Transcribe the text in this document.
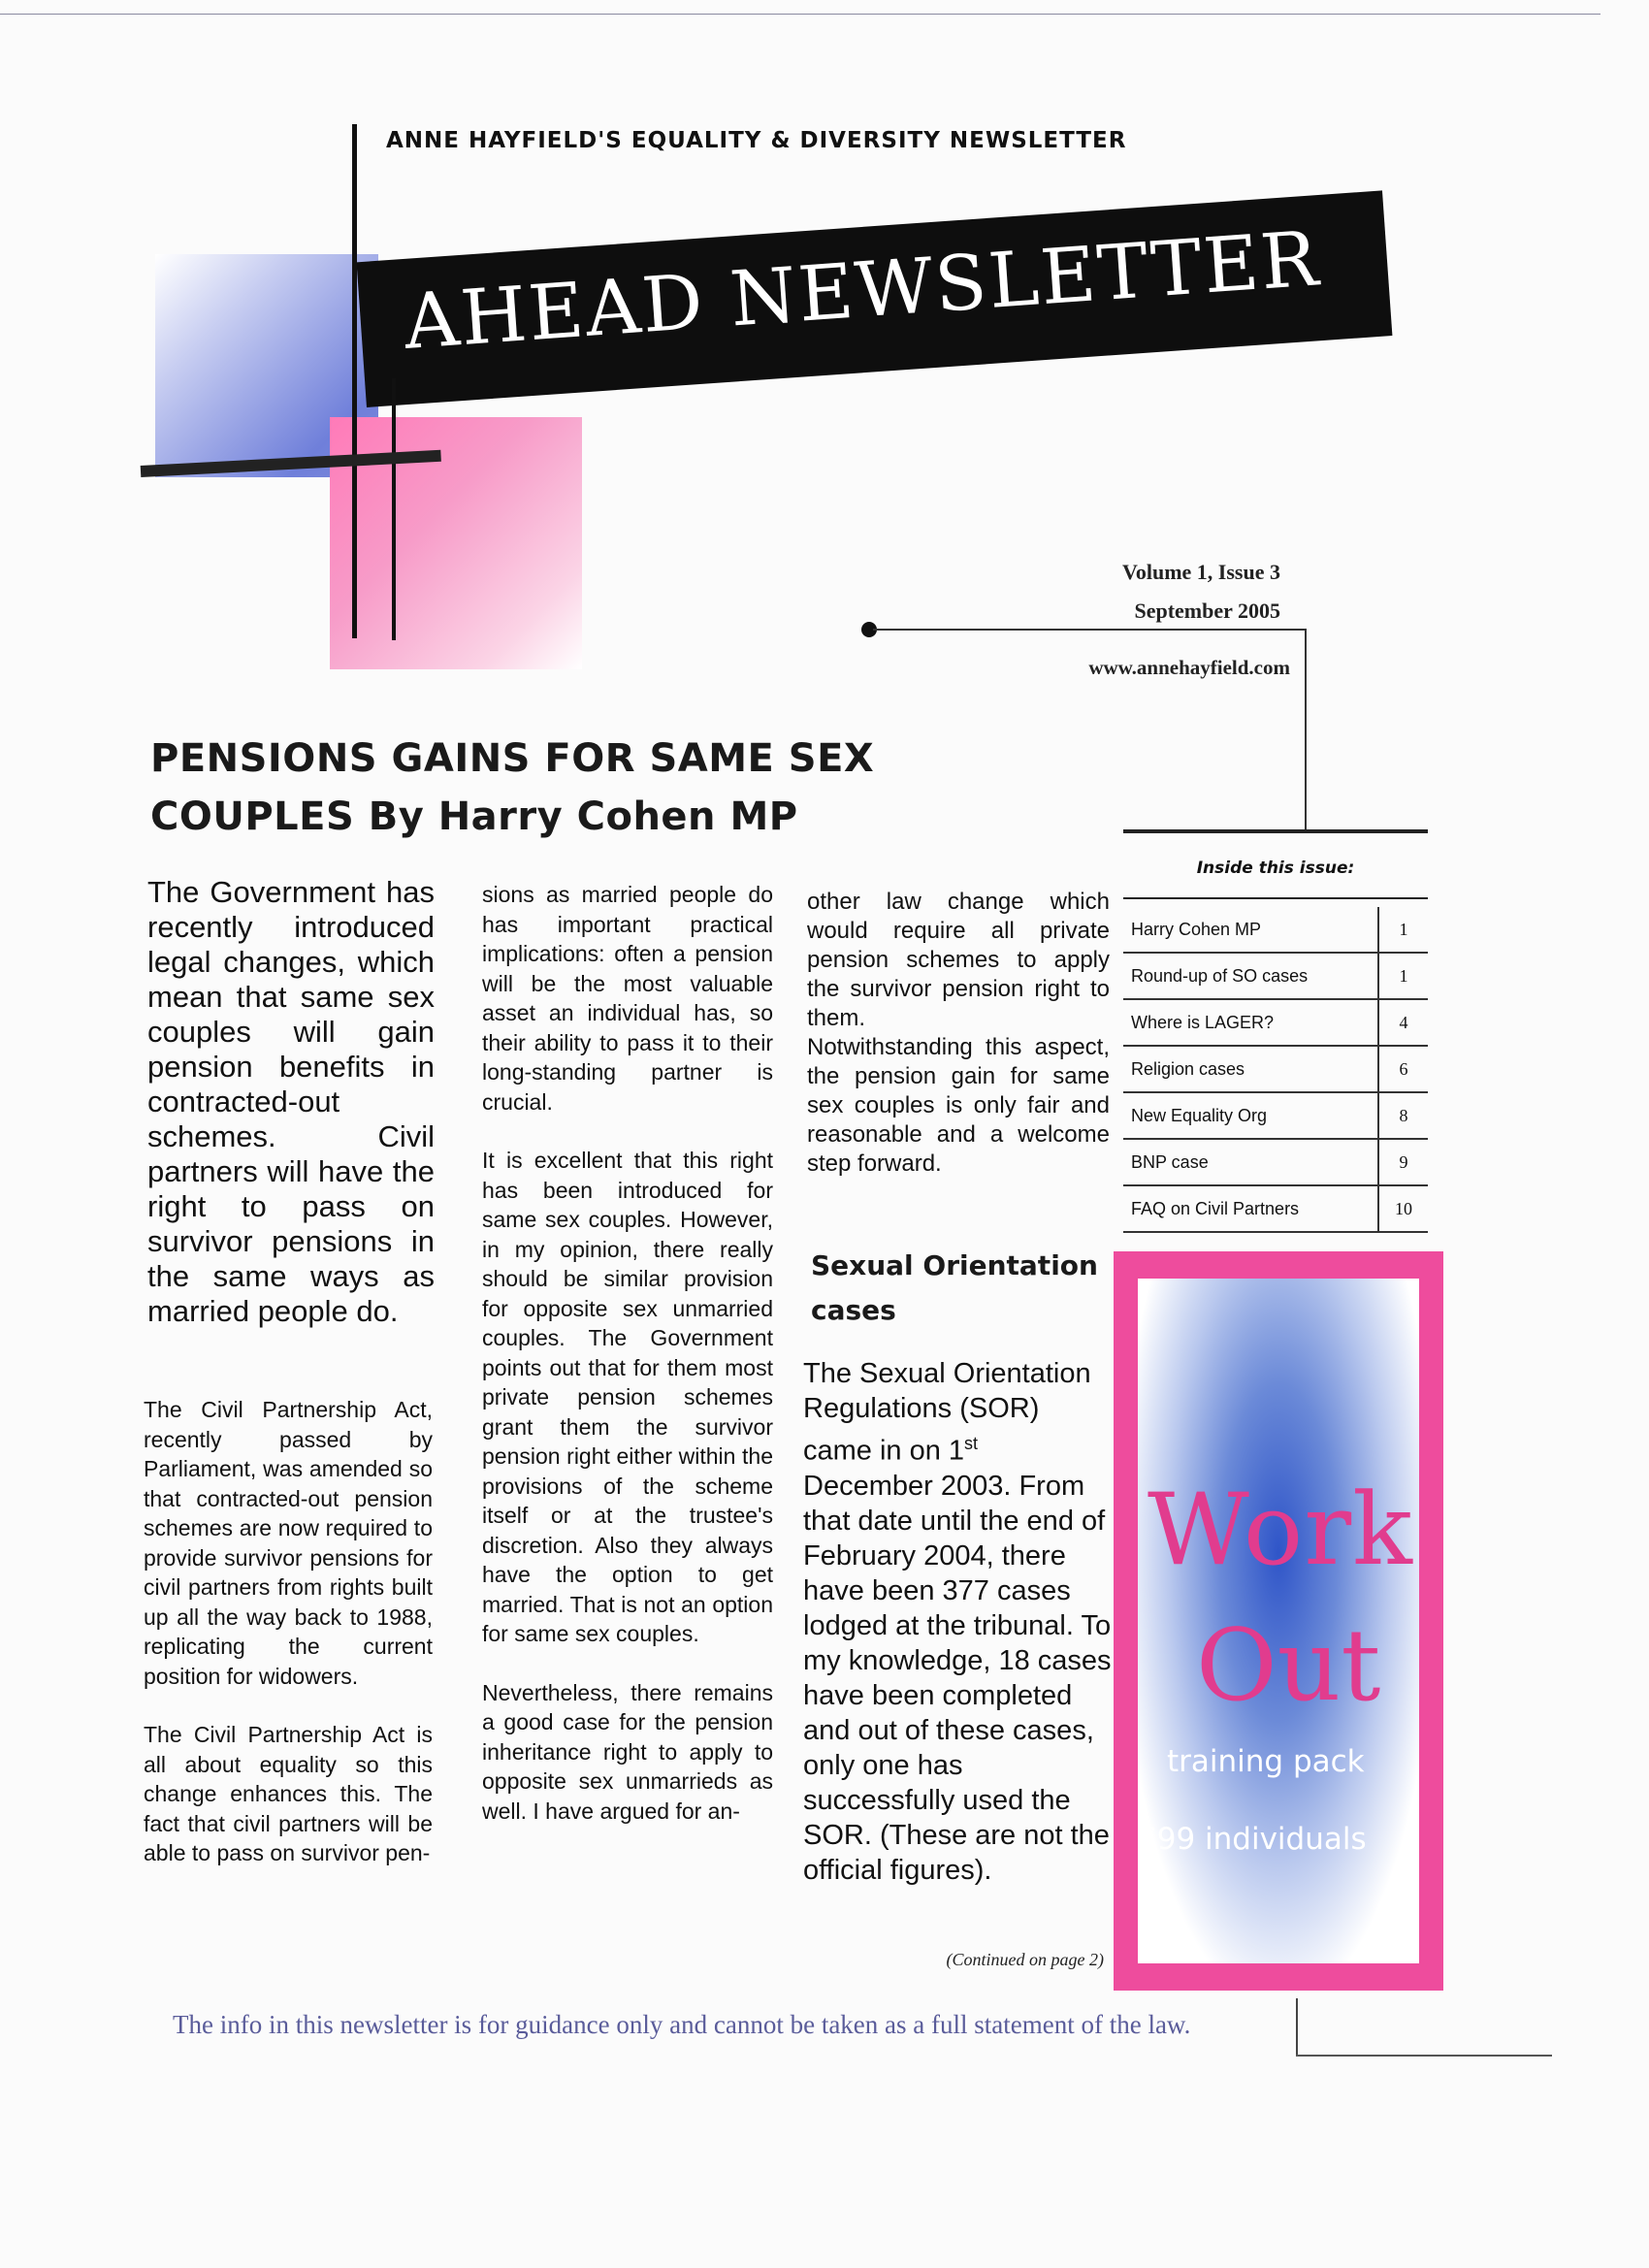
AHEAD NEWSLETTER
ANNE HAYFIELD'S EQUALITY & DIVERSITY NEWSLETTER
Volume 1, Issue 3
September 2005
www.annehayfield.com
PENSIONS GAINS FOR SAME SEX
COUPLES By Harry Cohen MP

The Government has recently introduced legal changes, which mean that same sex couples will gain pension benefits in contracted-out schemes. Civil partners will have the right to pass on survivor pensions in the same ways as married people do.

The Civil Partnership Act, recently passed by Parliament, was amended so that contracted-out pension schemes are now required to provide survivor pensions for civil partners from rights built up all the way back to 1988, replicating the current position for widowers.

The Civil Partnership Act is all about equality so this change enhances this. The fact that civil partners will be able to pass on survivor pen-

sions as married people do has important practical implications: often a pension will be the most valuable asset an individual has, so their ability to pass it to their long-standing partner is crucial.

It is excellent that this right has been introduced for same sex couples. However, in my opinion, there really should be similar provision for opposite sex unmarried couples. The Government points out that for them most private pension schemes grant them the survivor pension right either within the provisions of the scheme itself or at the trustee's discretion. Also they always have the option to get married. That is not an option for same sex couples.

Nevertheless, there remains a good case for the pension inheritance right to apply to opposite sex unmarrieds as well. I have argued for an-

other law change which would require all private pension schemes to apply the survivor pension right to them.

Notwithstanding this aspect, the pension gain for same sex couples is only fair and reasonable and a welcome step forward.

Sexual Orientation cases
The Sexual Orientation Regulations (SOR) came in on 1st December 2003. From that date until the end of February 2004, there have been 377 cases lodged at the tribunal. To my knowledge, 18 cases have been completed and out of these cases, only one has successfully used the SOR. (These are not the official figures).
(Continued on page 2)
Inside this issue:
Harry Cohen MP	1
Round-up of SO cases	1
Where is LAGER?	4
Religion cases	6
New Equality Org	8
BNP case	9
FAQ on Civil Partners	10
Work
Out
training pack
£99 individuals
The info in this newsletter is for guidance only and cannot be taken as a full statement of the law.
